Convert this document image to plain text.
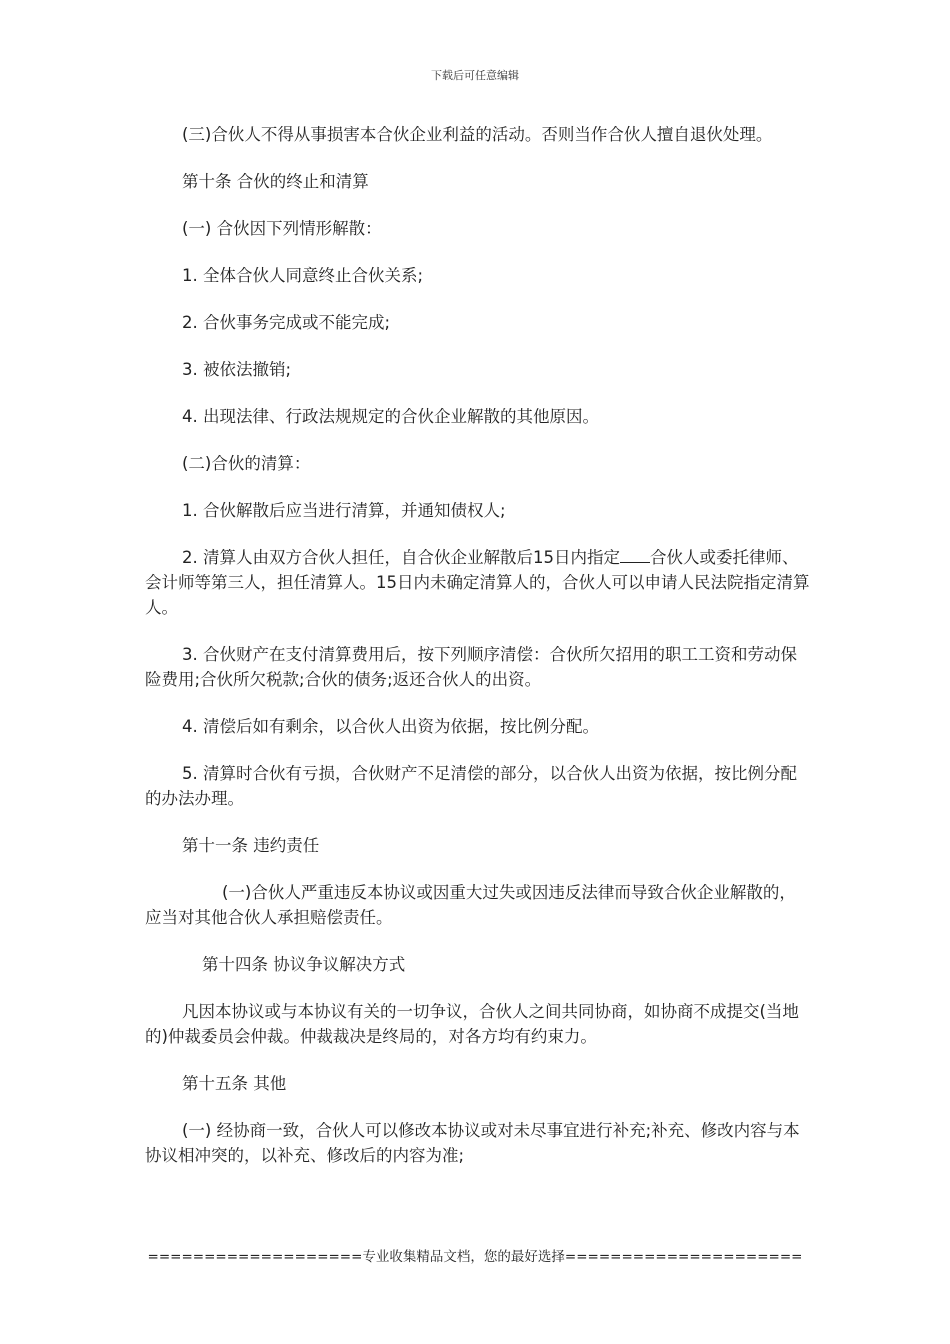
下载后可任意编辑

(三)合伙人不得从事损害本合伙企业利益的活动。否则当作合伙人擅自退伙处理。

第十条 合伙的终止和清算

(一) 合伙因下列情形解散：

1. 全体合伙人同意终止合伙关系;

2. 合伙事务完成或不能完成;

3. 被依法撤销;

4. 出现法律、行政法规规定的合伙企业解散的其他原因。

(二)合伙的清算：

1. 合伙解散后应当进行清算，并通知债权人;

2. 清算人由双方合伙人担任，自合伙企业解散后15日内指定 合伙人或委托律师、会计师等第三人，担任清算人。15日内未确定清算人的，合伙人可以申请人民法院指定清算人。

3. 合伙财产在支付清算费用后，按下列顺序清偿：合伙所欠招用的职工工资和劳动保险费用;合伙所欠税款;合伙的债务;返还合伙人的出资。

4. 清偿后如有剩余，以合伙人出资为依据，按比例分配。

5. 清算时合伙有亏损，合伙财产不足清偿的部分，以合伙人出资为依据，按比例分配的办法办理。

第十一条 违约责任

(一)合伙人严重违反本协议或因重大过失或因违反法律而导致合伙企业解散的，应当对其他合伙人承担赔偿责任。

第十四条 协议争议解决方式

凡因本协议或与本协议有关的一切争议，合伙人之间共同协商，如协商不成提交(当地的)仲裁委员会仲裁。仲裁裁决是终局的，对各方均有约束力。

第十五条 其他

(一) 经协商一致，合伙人可以修改本协议或对未尽事宜进行补充;补充、修改内容与本协议相冲突的，以补充、修改后的内容为准;

===================专业收集精品文档，您的最好选择=====================
